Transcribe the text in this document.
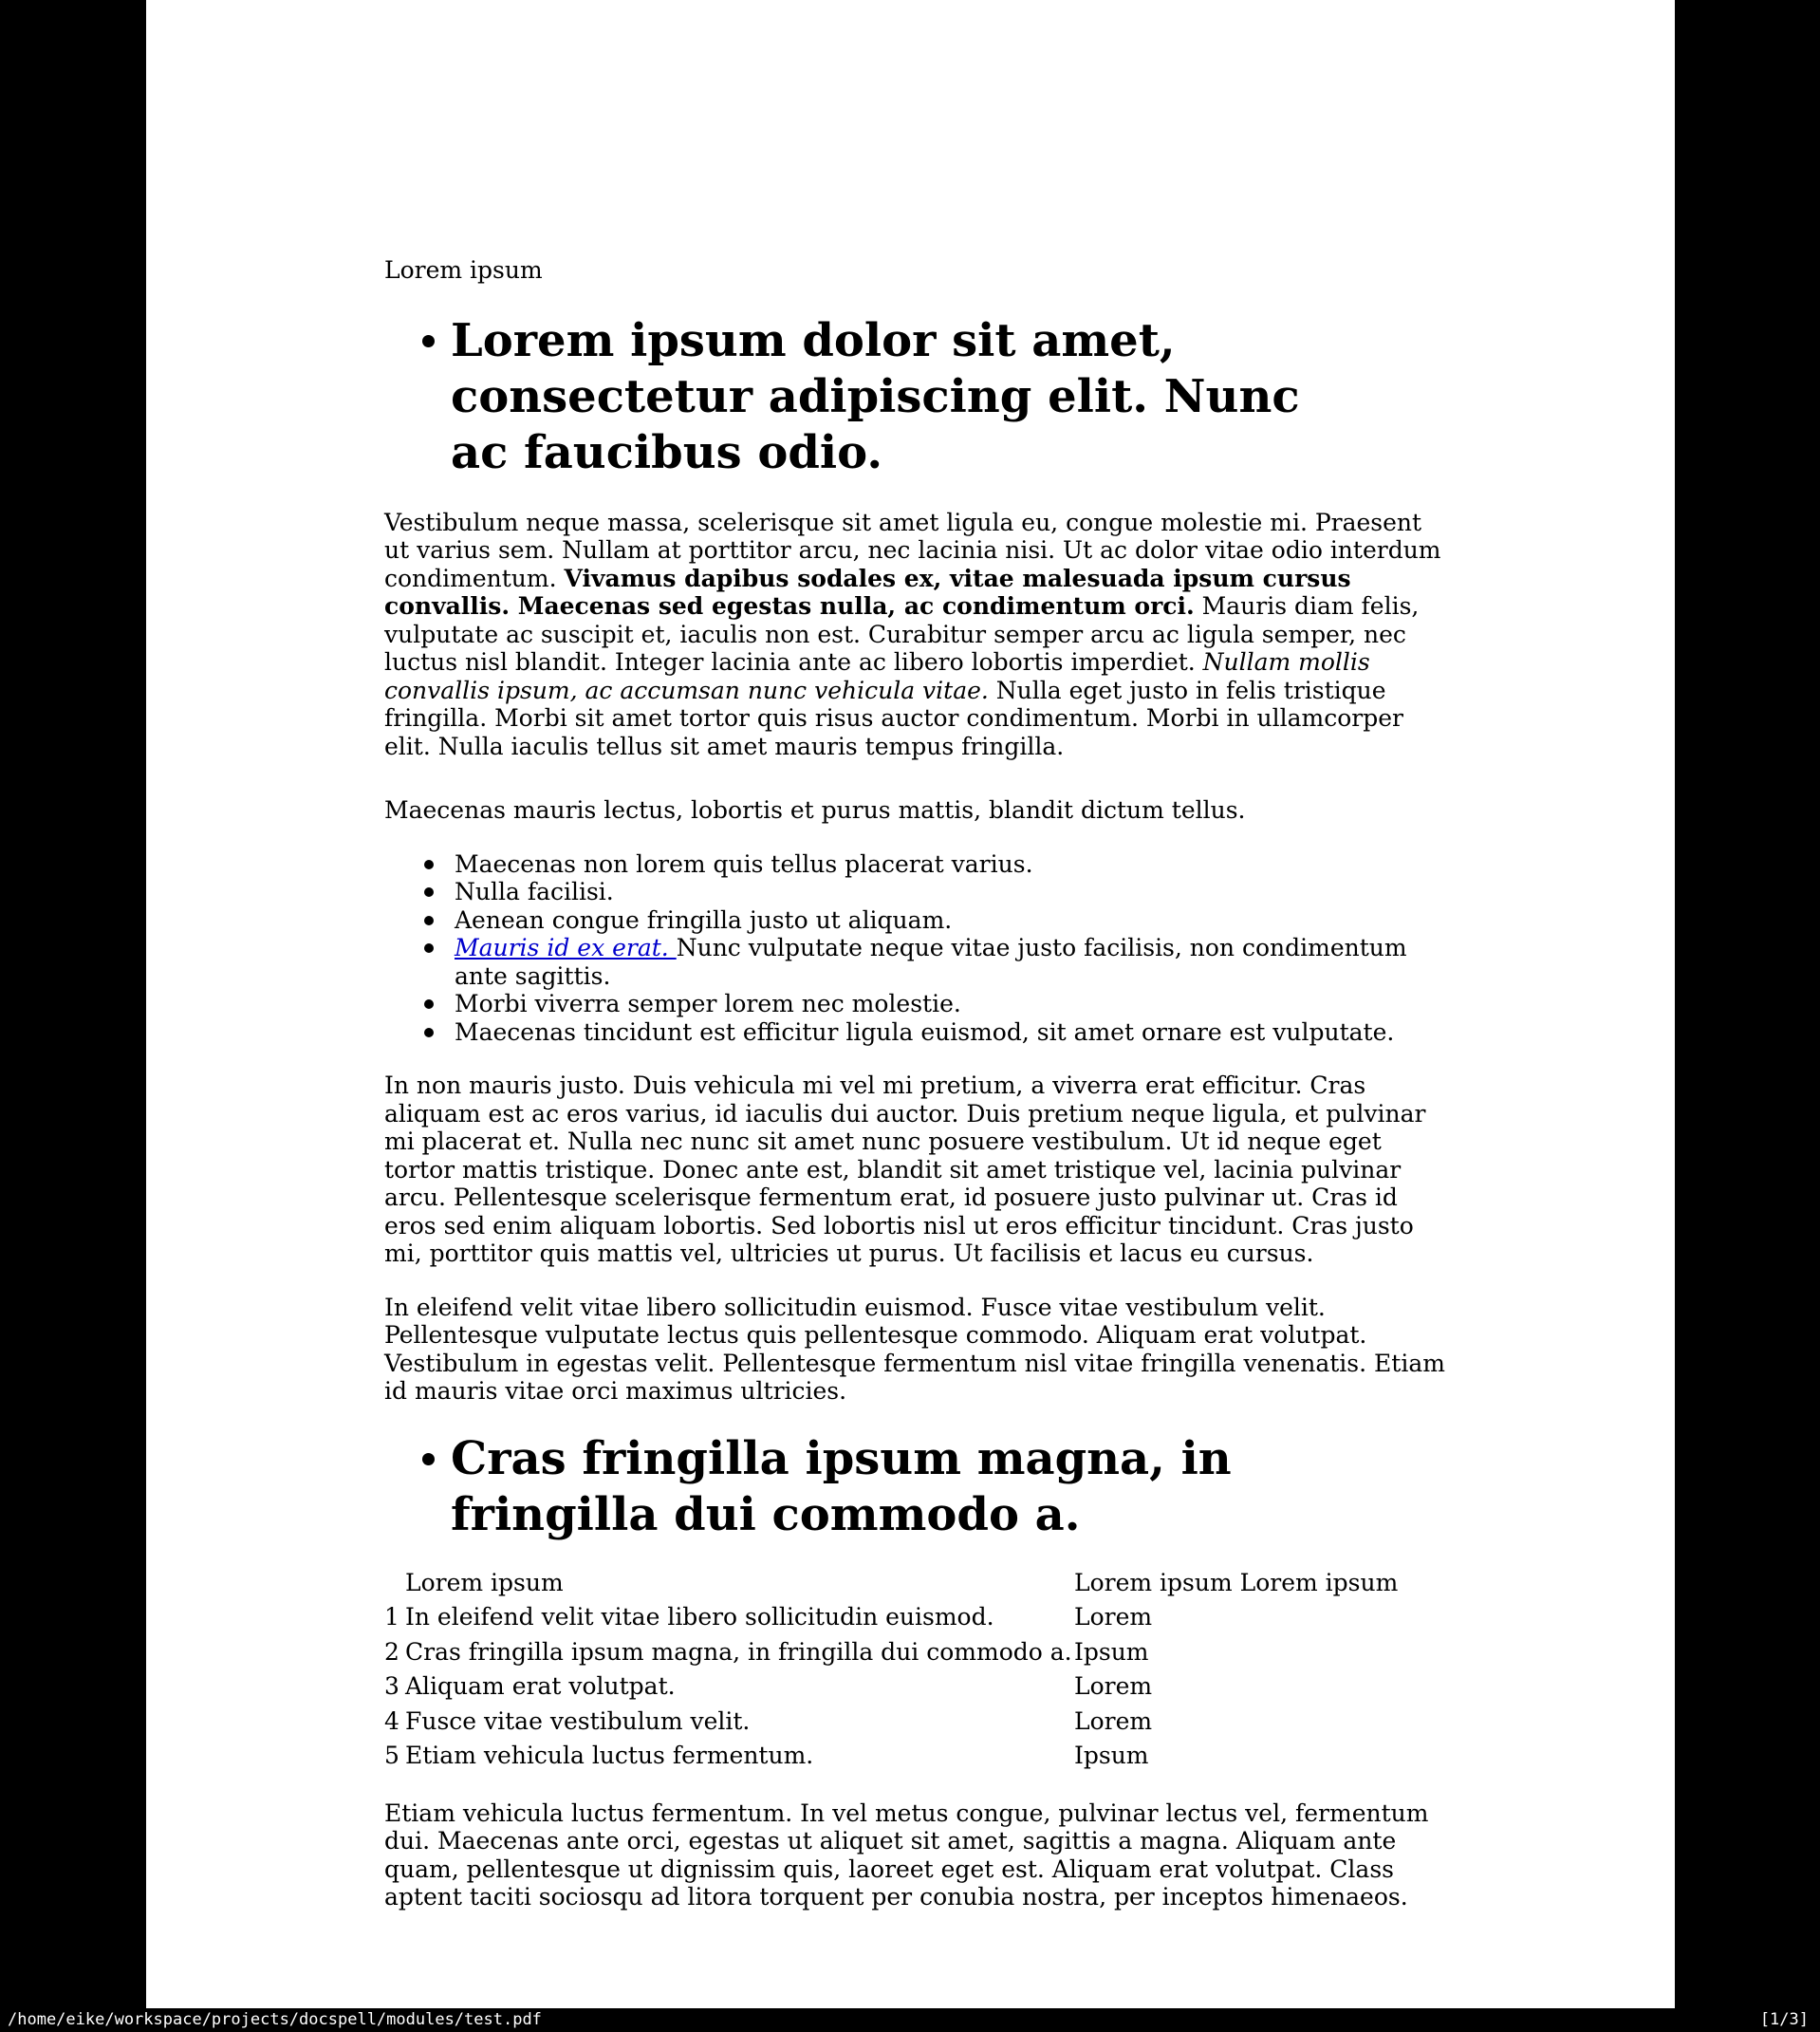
Lorem ipsum

Lorem ipsum dolor sit amet, consectetur adipiscing elit. Nunc ac faucibus odio.

Vestibulum neque massa, scelerisque sit amet ligula eu, congue molestie mi. Praesent ut varius sem. Nullam at porttitor arcu, nec lacinia nisi. Ut ac dolor vitae odio interdum condimentum. Vivamus dapibus sodales ex, vitae malesuada ipsum cursus convallis. Maecenas sed egestas nulla, ac condimentum orci. Mauris diam felis, vulputate ac suscipit et, iaculis non est. Curabitur semper arcu ac ligula semper, nec luctus nisl blandit. Integer lacinia ante ac libero lobortis imperdiet. Nullam mollis convallis ipsum, ac accumsan nunc vehicula vitae. Nulla eget justo in felis tristique fringilla. Morbi sit amet tortor quis risus auctor condimentum. Morbi in ullamcorper elit. Nulla iaculis tellus sit amet mauris tempus fringilla.

Maecenas mauris lectus, lobortis et purus mattis, blandit dictum tellus.

Maecenas non lorem quis tellus placerat varius.
Nulla facilisi.
Aenean congue fringilla justo ut aliquam.
Mauris id ex erat. Nunc vulputate neque vitae justo facilisis, non condimentum ante sagittis.
Morbi viverra semper lorem nec molestie.
Maecenas tincidunt est efficitur ligula euismod, sit amet ornare est vulputate.

In non mauris justo. Duis vehicula mi vel mi pretium, a viverra erat efficitur. Cras aliquam est ac eros varius, id iaculis dui auctor. Duis pretium neque ligula, et pulvinar mi placerat et. Nulla nec nunc sit amet nunc posuere vestibulum. Ut id neque eget tortor mattis tristique. Donec ante est, blandit sit amet tristique vel, lacinia pulvinar arcu. Pellentesque scelerisque fermentum erat, id posuere justo pulvinar ut. Cras id eros sed enim aliquam lobortis. Sed lobortis nisl ut eros efficitur tincidunt. Cras justo mi, porttitor quis mattis vel, ultricies ut purus. Ut facilisis et lacus eu cursus.

In eleifend velit vitae libero sollicitudin euismod. Fusce vitae vestibulum velit. Pellentesque vulputate lectus quis pellentesque commodo. Aliquam erat volutpat. Vestibulum in egestas velit. Pellentesque fermentum nisl vitae fringilla venenatis. Etiam id mauris vitae orci maximus ultricies.

Cras fringilla ipsum magna, in fringilla dui commodo a.
	Lorem ipsum	Lorem ipsum Lorem ipsum
1	In eleifend velit vitae libero sollicitudin euismod.	Lorem
2	Cras fringilla ipsum magna, in fringilla dui commodo a.	Ipsum
3	Aliquam erat volutpat.	Lorem
4	Fusce vitae vestibulum velit.	Lorem
5	Etiam vehicula luctus fermentum.	Ipsum

Etiam vehicula luctus fermentum. In vel metus congue, pulvinar lectus vel, fermentum dui. Maecenas ante orci, egestas ut aliquet sit amet, sagittis a magna. Aliquam ante quam, pellentesque ut dignissim quis, laoreet eget est. Aliquam erat volutpat. Class aptent taciti sociosqu ad litora torquent per conubia nostra, per inceptos himenaeos.

/home/eike/workspace/projects/docspell/modules/test.pdf	[1/3]
